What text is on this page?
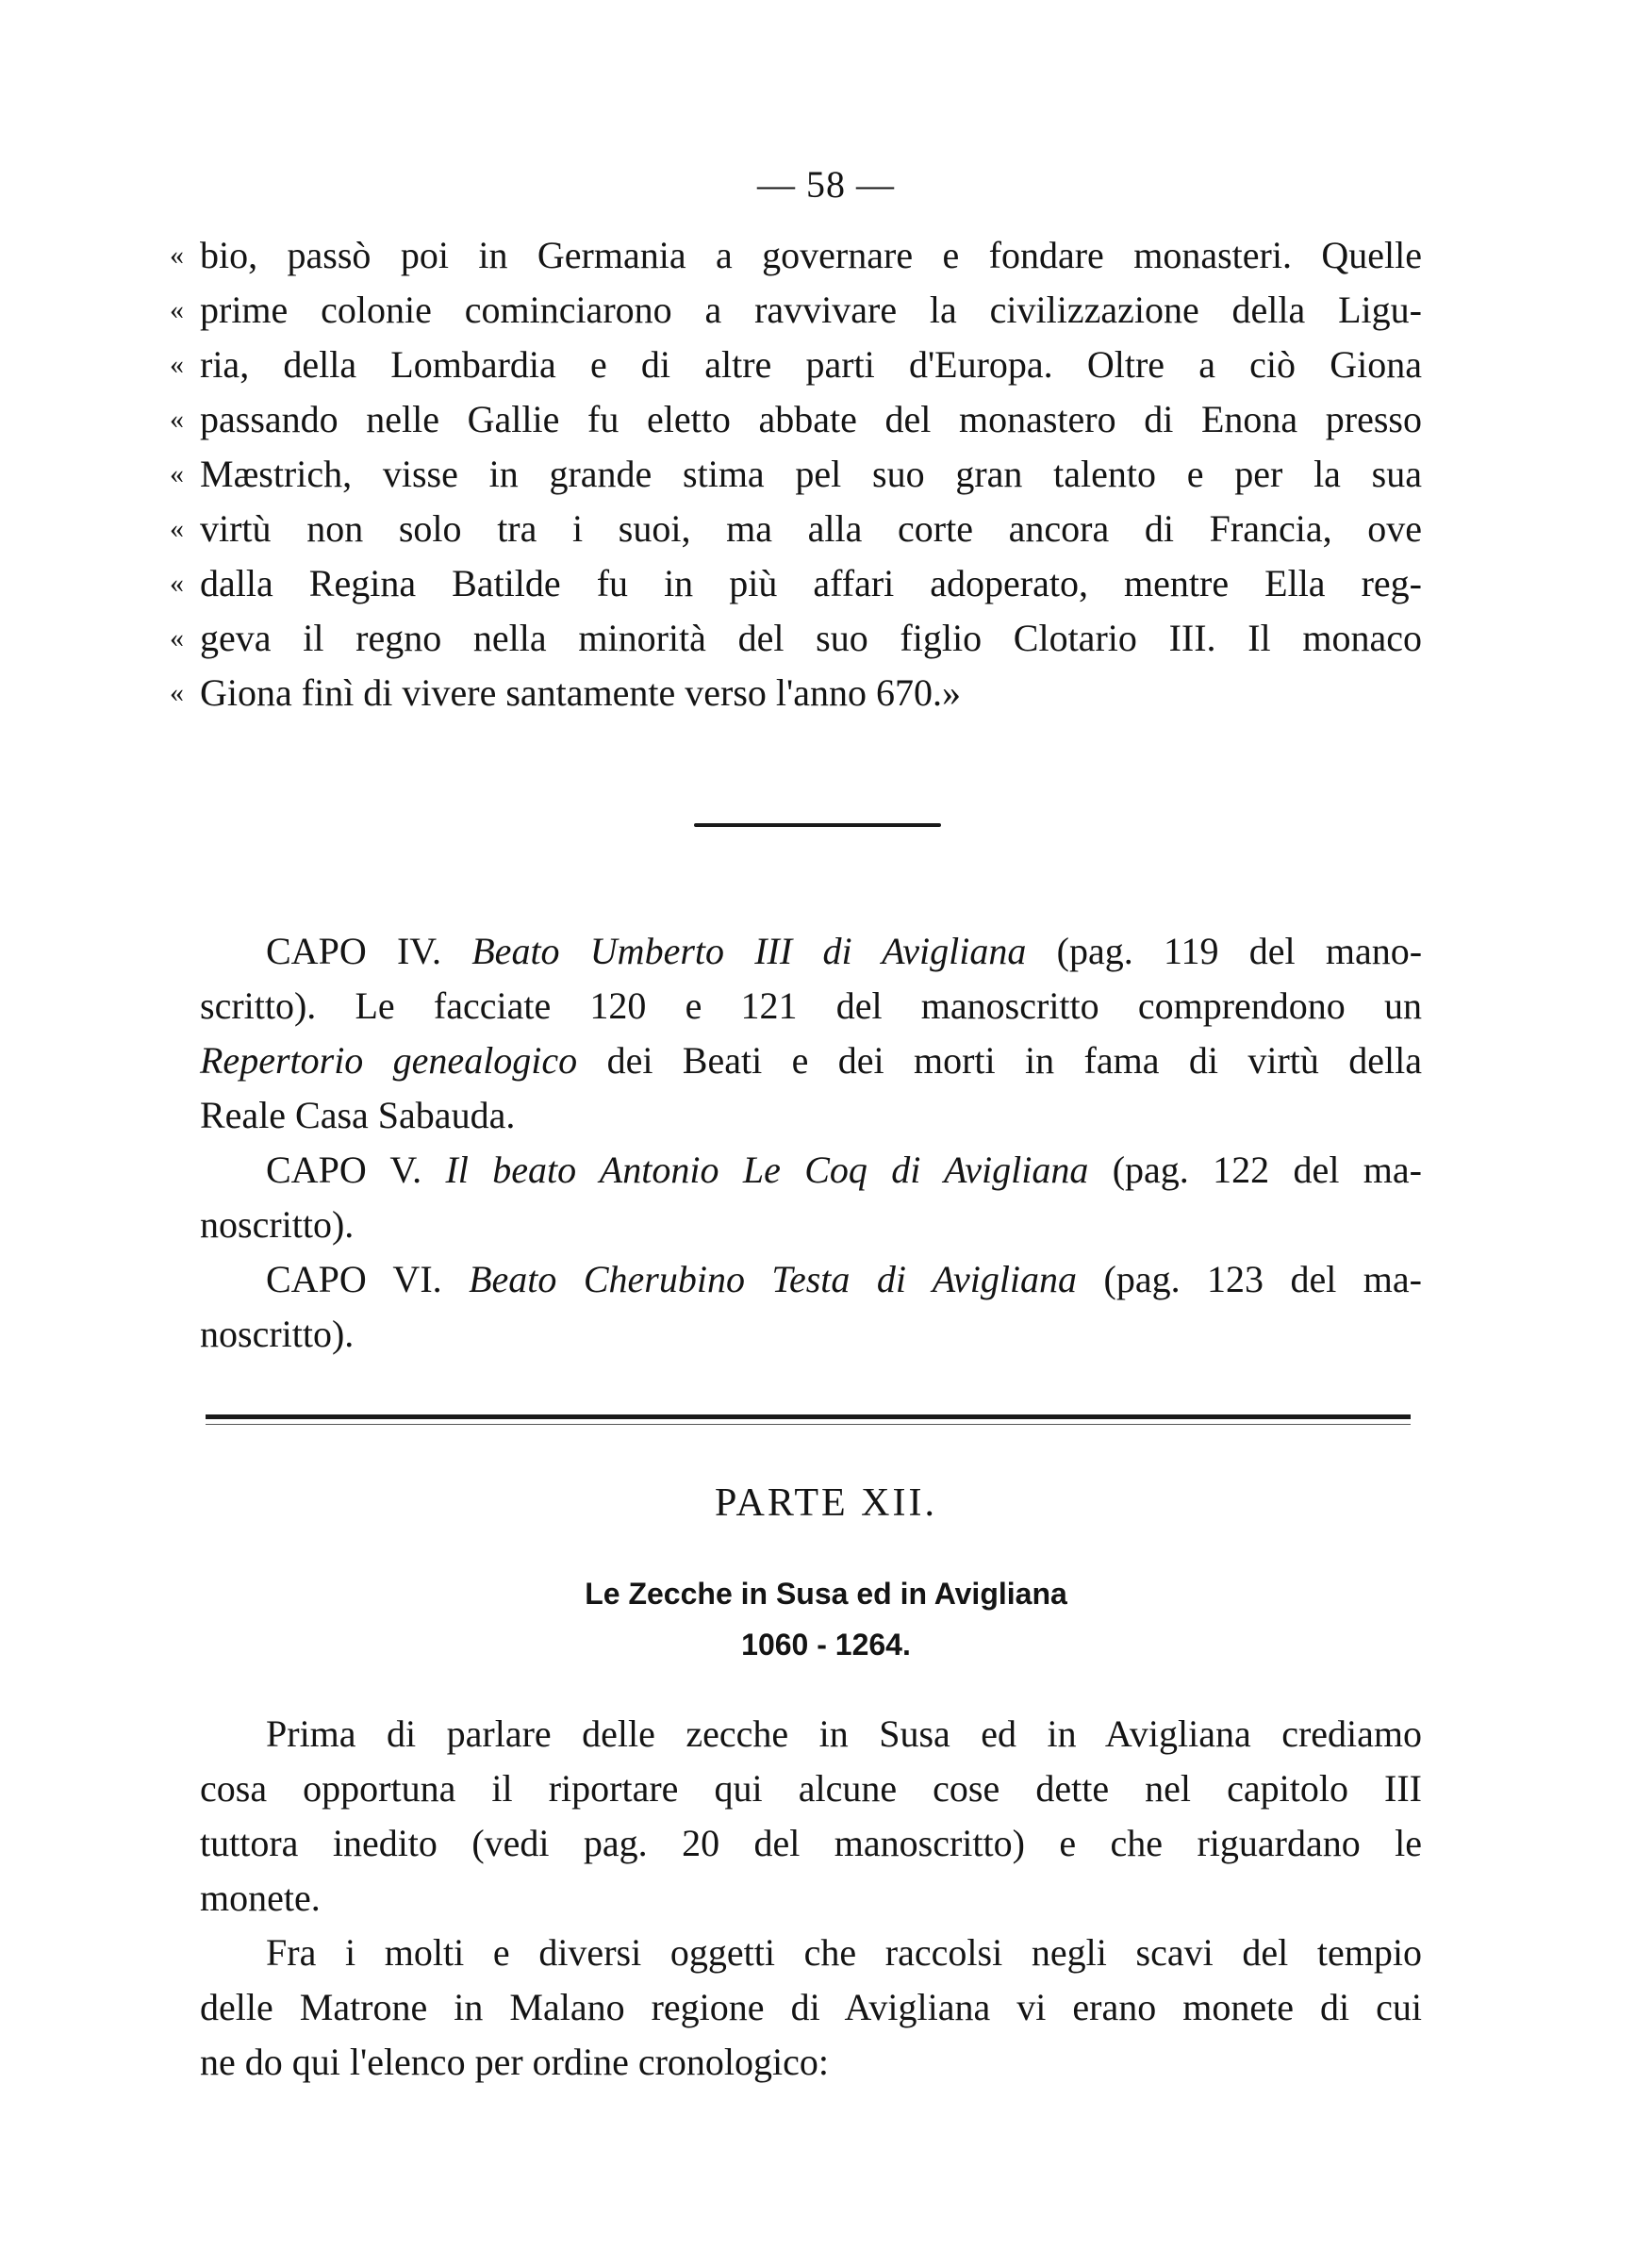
— 58 —
« bio, passò poi in Germania a governare e fondare monasteri. Quelle
« prime colonie cominciarono a ravvivare la civilizzazione della Ligu-
« ria, della Lombardia e di altre parti d'Europa. Oltre a ciò Giona
« passando nelle Gallie fu eletto abbate del monastero di Enona presso
« Mæstrich, visse in grande stima pel suo gran talento e per la sua
« virtù non solo tra i suoi, ma alla corte ancora di Francia, ove
« dalla Regina Batilde fu in più affari adoperato, mentre Ella reg-
« geva il regno nella minorità del suo figlio Clotario III. Il monaco
« Giona finì di vivere santamente verso l'anno 670.»
CAPO IV. Beato Umberto III di Avigliana (pag. 119 del mano-
scritto). Le facciate 120 e 121 del manoscritto comprendono un
Repertorio genealogico dei Beati e dei morti in fama di virtù della
Reale Casa Sabauda.
CAPO V. Il beato Antonio Le Coq di Avigliana (pag. 122 del ma-
noscritto).
CAPO VI. Beato Cherubino Testa di Avigliana (pag. 123 del ma-
noscritto).
PARTE XII.
Le Zecche in Susa ed in Avigliana
1060 - 1264.
Prima di parlare delle zecche in Susa ed in Avigliana crediamo
cosa opportuna il riportare qui alcune cose dette nel capitolo III
tuttora inedito (vedi pag. 20 del manoscritto) e che riguardano le
monete.
Fra i molti e diversi oggetti che raccolsi negli scavi del tempio
delle Matrone in Malano regione di Avigliana vi erano monete di cui
ne do qui l'elenco per ordine cronologico:
